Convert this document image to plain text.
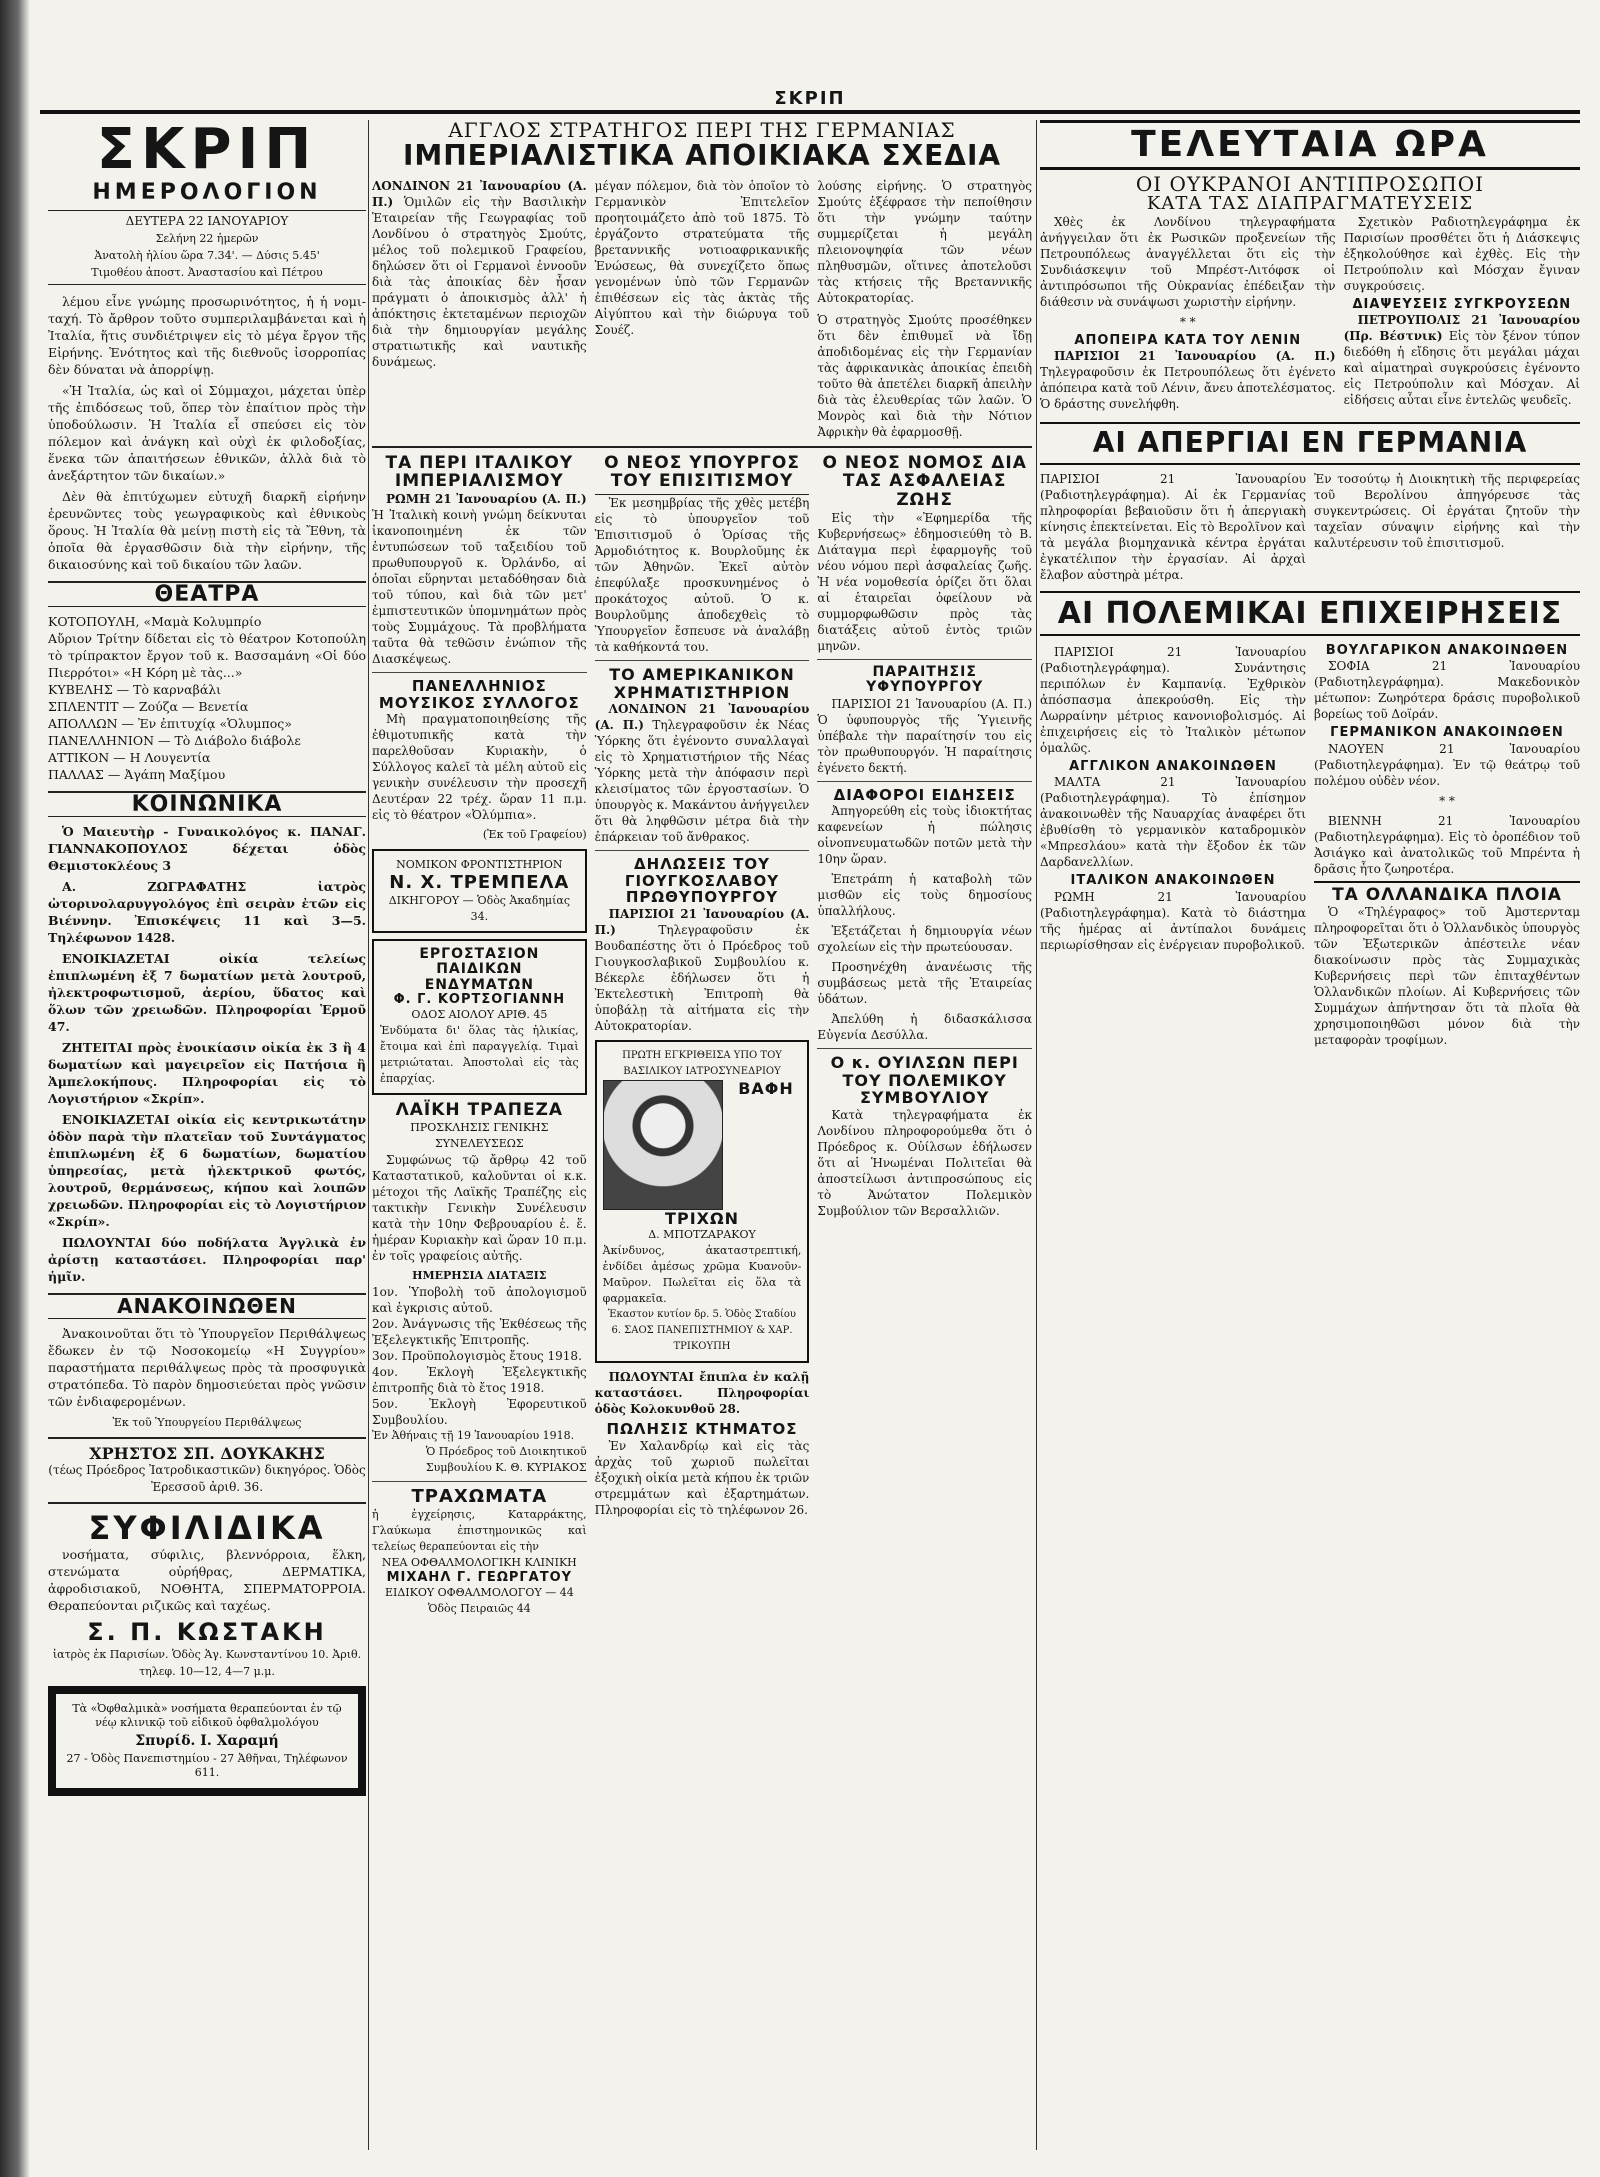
ΣΚΡΙΠ
ΣΚΡΙΠ
ΗΜΕΡΟΛΟΓΙΟΝ
ΔΕΥΤΕΡΑ 22 ΙΑΝΟΥΑΡΙΟΥ
Σελήνη 22 ἡμερῶν
Ἀνατολὴ ἡλίου ὥρα 7.34'. — Δύσις 5.45'
Τιμοθέου ἀποστ. Ἀναστασίου καὶ Πέτρου

λέμου εἶνε γνώμης προσωρινότητος, ἡ ἡ νομι- ταχή. Τὸ ἄρθρον τοῦτο συμπεριλαμβάνεται καὶ ἡ Ἰταλία, ἥτις συνδιέτριψεν εἰς τὸ μέγα ἔργον τῆς Εἰρήνης. Ἑνότητος καὶ τῆς διεθνοῦς ἰσορροπίας δὲν δύναται νὰ ἀπορρίψῃ.

«Ἡ Ἰταλία, ὡς καὶ οἱ Σύμμαχοι, μάχεται ὑπὲρ τῆς ἐπιδόσεως τοῦ, ὅπερ τὸν ἐπαίτιον πρὸς τὴν ὑποδούλωσιν. Ἡ Ἰταλία εἶ σπεύσει εἰς τὸν πόλεμον καὶ ἀνάγκη καὶ οὐχὶ ἐκ φιλοδοξίας, ἕνεκα τῶν ἀπαιτήσεων ἐθνικῶν, ἀλλὰ διὰ τὸ ἀνεξάρτητον τῶν δικαίων.»

Δὲν θὰ ἐπιτύχωμεν εὐτυχῆ διαρκῆ εἰρήνην ἐρευνῶντες τοὺς γεωγραφικοὺς καὶ ἐθνικοὺς ὅρους. Ἡ Ἰταλία θὰ μείνῃ πιστὴ εἰς τὰ Ἔθνη, τὰ ὁποῖα θὰ ἐργασθῶσιν διὰ τὴν εἰρήνην, τῆς δικαιοσύνης καὶ τοῦ δικαίου τῶν λαῶν.

ΘΕΑΤΡΑ
ΚΟΤΟΠΟΥΛΗ, «Μαμὰ Κολυμπρίο
Αὔριον Τρίτην δίδεται εἰς τὸ θέατρον Κοτοπούλη τὸ τρίπρακτον ἔργον τοῦ κ. Βασσαμάνη «Οἱ δύο Πιερρότοι» «Η Κόρη μὲ τὰς...»
ΚΥΒΕΛΗΣ — Τὸ καρναβάλι
ΣΠΛΕΝΤΙΤ — Ζούζα — Βενετία
ΑΠΟΛΛΩΝ — Ἐν ἐπιτυχίᾳ «Ὁλυμπος»
ΠΑΝΕΛΛΗΝΙΟΝ — Τὸ Διάβολο διάβολε
ΑΤΤΙΚΟΝ — Η Λουγεντία
ΠΑΛΛΑΣ — Ἀγάπη Μαξίμου
ΚΟΙΝΩΝΙΚΑ

Ὁ Μαιευτὴρ - Γυναικολόγος κ. ΠΑΝΑΓ. ΓΙΑΝΝΑΚΟΠΟΥΛΟΣ δέχεται ὁδὸς Θεμιστοκλέους 3

Α. ΖΩΓΡΑΦΑΤΗΣ ἰατρὸς ὠτορινολαρυγγολόγος ἐπὶ σειρὰν ἐτῶν εἰς Βιέννην. Ἐπισκέψεις 11 καὶ 3—5. Τηλέφωνον 1428.

ΕΝΟΙΚΙΑΖΕΤΑΙ οἰκία τελείως ἐπιπλωμένη ἐξ 7 δωματίων μετὰ λουτροῦ, ἠλεκτροφωτισμοῦ, ἀερίου, ὕδατος καὶ ὅλων τῶν χρειωδῶν. Πληροφορίαι Ἑρμοῦ 47.

ΖΗΤΕΙΤΑΙ πρὸς ἐνοικίασιν οἰκία ἐκ 3 ἢ 4 δωματίων καὶ μαγειρεῖον εἰς Πατήσια ἢ Ἀμπελοκήπους. Πληροφορίαι εἰς τὸ Λογιστήριον «Σκρίπ».

ΕΝΟΙΚΙΑΖΕΤΑΙ οἰκία εἰς κεντρικωτάτην ὁδὸν παρὰ τὴν πλατεῖαν τοῦ Συντάγματος ἐπιπλωμένη ἐξ 6 δωματίων, δωματίου ὑπηρεσίας, μετὰ ἠλεκτρικοῦ φωτός, λουτροῦ, θερμάνσεως, κήπου καὶ λοιπῶν χρειωδῶν. Πληροφορίαι εἰς τὸ Λογιστήριον «Σκρίπ».

ΠΩΛΟΥΝΤΑΙ δύο ποδήλατα Ἀγγλικὰ ἐν ἀρίστῃ καταστάσει. Πληροφορίαι παρ' ἡμῖν.

ΑΝΑΚΟΙΝΩΘΕΝ

Ἀνακοινοῦται ὅτι τὸ Ὑπουργεῖον Περιθάλψεως ἔδωκεν ἐν τῷ Νοσοκομείῳ «Η Συγγρίου» παραστήματα περιθάλψεως πρὸς τὰ προσφυγικὰ στρατόπεδα. Τὸ παρὸν δημοσιεύεται πρὸς γνῶσιν τῶν ἐνδιαφερομένων.

Ἐκ τοῦ Ὑπουργείου Περιθάλψεως
ΧΡΗΣΤΟΣ ΣΠ. ΔΟΥΚΑΚΗΣ
(τέως Πρόεδρος Ἰατροδικαστικῶν) δικηγόρος. Ὁδὸς Ἐρεσσοῦ ἀριθ. 36.
ΣΥΦΙΛΙΔΙΚΑ

νοσήματα, σύφιλις, βλεννόρροια, ἕλκη, στενώματα οὐρήθρας, ΔΕΡΜΑΤΙΚΑ, ἀφροδισιακοῦ, ΝΟΘΗΤΑ, ΣΠΕΡΜΑΤΟΡΡΟΙΑ. Θεραπεύονται ριζικῶς καὶ ταχέως.

Σ. Π. ΚΩΣΤΑΚΗ
ἰατρὸς ἐκ Παρισίων. Ὁδὸς Ἁγ. Κωνσταντίνου 10. Ἀριθ. τηλεφ. 10—12, 4—7 μ.μ.
Τὰ «Ὀφθαλμικὰ» νοσήματα θεραπεύονται ἐν τῷ νέῳ κλινικῷ τοῦ εἰδικοῦ ὀφθαλμολόγου
Σπυρίδ. Ι. Χαραμή
27 - Ὁδὸς Πανεπιστημίου - 27 Ἀθῆναι, Τηλέφωνον 611.
ΑΓΓΛΟΣ ΣΤΡΑΤΗΓΟΣ ΠΕΡΙ ΤΗΣ ΓΕΡΜΑΝΙΑΣ
ΙΜΠΕΡΙΑΛΙΣΤΙΚΑ ΑΠΟΙΚΙΑΚΑ ΣΧΕΔΙΑ
ΛΟΝΔΙΝΟΝ 21 Ἰανουαρίου (Α. Π.) Ὁμιλῶν εἰς τὴν Βασιλικὴν Ἑταιρείαν τῆς Γεωγραφίας τοῦ Λονδίνου ὁ στρατηγὸς Σμούτς, μέλος τοῦ πολεμικοῦ Γραφείου, δηλώσεν ὅτι οἱ Γερμανοὶ ἐννοοῦν διὰ τὰς ἀποικίας δὲν ἦσαν πράγματι ὁ ἀποικισμὸς ἀλλ' ἡ ἀπόκτησις ἐκτεταμένων περιοχῶν διὰ τὴν δημιουργίαν μεγάλης στρατιωτικῆς καὶ ναυτικῆς δυνάμεως.
μέγαν πόλεμον, διὰ τὸν ὁποῖον τὸ Γερμανικὸν Ἐπιτελεῖον προητοιμάζετο ἀπὸ τοῦ 1875. Τὸ ἐργάζοντο στρατεύματα τῆς βρεταννικῆς νοτιοαφρικανικῆς Ἑνώσεως, θὰ συνεχίζετο ὅπως γενομένων ὑπὸ τῶν Γερμανῶν ἐπιθέσεων εἰς τὰς ἀκτὰς τῆς Αἰγύπτου καὶ τὴν διώρυγα τοῦ Σουέζ.
λούσης εἰρήνης. Ὁ στρατηγὸς Σμούτς ἐξέφρασε τὴν πεποίθησιν ὅτι τὴν γνώμην ταύτην συμμερίζεται ἡ μεγάλη πλειονοψηφία τῶν νέων πληθυσμῶν, οἵτινες ἀποτελοῦσι τὰς κτήσεις τῆς Βρεταννικῆς Αὐτοκρατορίας.
Ὁ στρατηγὸς Σμούτς προσέθηκεν ὅτι δὲν ἐπιθυμεῖ νὰ ἴδῃ ἀποδιδομένας εἰς τὴν Γερμανίαν τὰς ἀφρικανικὰς ἀποικίας ἐπειδὴ τοῦτο θὰ ἀπετέλει διαρκῆ ἀπειλὴν διὰ τὰς ἐλευθερίας τῶν λαῶν. Ὁ Μονρὸς καὶ διὰ τὴν Νότιον Ἀφρικὴν θὰ ἐφαρμοσθῇ.
ΤΑ ΠΕΡΙ ΙΤΑΛΙΚΟΥ ΙΜΠΕΡΙΑΛΙΣΜΟΥ

ΡΩΜΗ 21 Ἰανουαρίου (Α. Π.) Ἡ Ἰταλικὴ κοινὴ γνώμη δείκνυται ἱκανοποιημένη ἐκ τῶν ἐντυπώσεων τοῦ ταξειδίου τοῦ πρωθυπουργοῦ κ. Ὀρλάνδο, αἱ ὁποῖαι εὕρηνται μεταδόθησαν διὰ τοῦ τύπου, καὶ διὰ τῶν μετ' ἐμπιστευτικῶν ὑπομνημάτων πρὸς τοὺς Συμμάχους. Τὰ προβλήματα ταῦτα θὰ τεθῶσιν ἐνώπιον τῆς Διασκέψεως.

ΠΑΝΕΛΛΗΝΙΟΣ ΜΟΥΣΙΚΟΣ ΣΥΛΛΟΓΟΣ

Μὴ πραγματοποιηθείσης τῆς ἐθιμοτυπικῆς κατὰ τὴν παρελθοῦσαν Κυριακὴν, ὁ Σύλλογος καλεῖ τὰ μέλη αὐτοῦ εἰς γενικὴν συνέλευσιν τὴν προσεχῆ Δευτέραν 22 τρέχ. ὥραν 11 π.μ. εἰς τὸ θέατρον «Ὀλύμπια».

(Ἐκ τοῦ Γραφείου)
ΝΟΜΙΚΟΝ ΦΡΟΝΤΙΣΤΗΡΙΟΝ
Ν. Χ. ΤΡΕΜΠΕΛΑ
ΔΙΚΗΓΟΡΟΥ — Ὁδὸς Ἀκαδημίας 34.
ΕΡΓΟΣΤΑΣΙΟΝ ΠΑΙΔΙΚΩΝ ΕΝΔΥΜΑΤΩΝ
Φ. Γ. ΚΟΡΤΣΟΓΙΑΝΝΗ
ΟΔΟΣ ΑΙΟΛΟΥ ΑΡΙΘ. 45
Ἐνδύματα δι' ὅλας τὰς ἡλικίας, ἔτοιμα καὶ ἐπὶ παραγγελίᾳ. Τιμαὶ μετριώταται. Ἀποστολαὶ εἰς τὰς ἐπαρχίας.
ΛΑΪΚΗ ΤΡΑΠΕΖΑ
ΠΡΟΣΚΛΗΣΙΣ ΓΕΝΙΚΗΣ ΣΥΝΕΛΕΥΣΕΩΣ

Συμφώνως τῷ ἄρθρῳ 42 τοῦ Καταστατικοῦ, καλοῦνται οἱ κ.κ. μέτοχοι τῆς Λαϊκῆς Τραπέζης εἰς τακτικὴν Γενικὴν Συνέλευσιν κατὰ τὴν 10ην Φεβρουαρίου ἐ. ἔ. ἡμέραν Κυριακὴν καὶ ὥραν 10 π.μ. ἐν τοῖς γραφείοις αὐτῆς.

ΗΜΕΡΗΣΙΑ ΔΙΑΤΑΞΙΣ
1ον. Ὑποβολὴ τοῦ ἀπολογισμοῦ καὶ ἐγκρισις αὐτοῦ.
2ον. Ἀνάγνωσις τῆς Ἐκθέσεως τῆς Ἐξελεγκτικῆς Ἐπιτροπῆς.
3ον. Προϋπολογισμὸς ἔτους 1918.
4ον. Ἐκλογὴ Ἐξελεγκτικῆς ἐπιτροπῆς διὰ τὸ ἔτος 1918.
5ον. Ἐκλογὴ Ἐφορευτικοῦ Συμβουλίου.
Ἐν Ἀθήναις τῇ 19 Ἰανουαρίου 1918.
Ὁ Πρόεδρος τοῦ Διοικητικοῦ Συμβουλίου Κ. Θ. ΚΥΡΙΑΚΟΣ
ΤΡΑΧΩΜΑΤΑ
ἡ ἐγχείρησις, Καταρράκτης, Γλαύκωμα ἐπιστημονικῶς καὶ τελείως θεραπεύονται εἰς τὴν
ΝΕΑ ΟΦΘΑΛΜΟΛΟΓΙΚΗ ΚΛΙΝΙΚΗ
ΜΙΧΑΗΛ Γ. ΓΕΩΡΓΑΤΟΥ
ΕΙΔΙΚΟΥ ΟΦΘΑΛΜΟΛΟΓΟΥ — 44 Ὁδὸς Πειραιῶς 44
Ο ΝΕΟΣ ΥΠΟΥΡΓΟΣ ΤΟΥ ΕΠΙΣΙΤΙΣΜΟΥ

Ἐκ μεσημβρίας τῆς χθὲς μετέβη εἰς τὸ ὑπουργεῖον τοῦ Ἐπισιτισμοῦ ὁ Ὁρίσας τῆς Ἀρμοδιότητος κ. Βουρλοῦμης ἐκ τῶν Ἀθηνῶν. Ἐκεῖ αὐτὸν ἐπεφύλαξε προσκυνημένος ὁ προκάτοχος αὐτοῦ. Ὁ κ. Βουρλοῦμης ἀποδεχθεὶς τὸ Ὑπουργεῖον ἔσπευσε νὰ ἀναλάβῃ τὰ καθήκοντά του.

ΤΟ ΑΜΕΡΙΚΑΝΙΚΟΝ ΧΡΗΜΑΤΙΣΤΗΡΙΟΝ

ΛΟΝΔΙΝΟΝ 21 Ἰανουαρίου (Α. Π.) Τηλεγραφοῦσιν ἐκ Νέας Ὑόρκης ὅτι ἐγένοντο συναλλαγαὶ εἰς τὸ Χρηματιστήριον τῆς Νέας Ὑόρκης μετὰ τὴν ἀπόφασιν περὶ κλεισίματος τῶν ἐργοστασίων. Ὁ ὑπουργὸς κ. Μακάντου ἀνήγγειλεν ὅτι θὰ ληφθῶσιν μέτρα διὰ τὴν ἐπάρκειαν τοῦ ἄνθρακος.

ΔΗΛΩΣΕΙΣ ΤΟΥ ΓΙΟΥΓΚΟΣΛΑΒΟΥ ΠΡΩΘΥΠΟΥΡΓΟΥ

ΠΑΡΙΣΙΟΙ 21 Ἰανουαρίου (Α. Π.)	Τηλεγραφοῦσιν ἐκ Βουδαπέστης ὅτι ὁ Πρόεδρος τοῦ Γιουγκοσλαβικοῦ Συμβουλίου κ. Βέκερλε ἐδήλωσεν ὅτι ἡ Ἐκτελεστικὴ Ἐπιτροπὴ θὰ ὑποβάλῃ τὰ αἰτήματα εἰς τὴν Αὐτοκρατορίαν.

ΠΡΩΤΗ ΕΓΚΡΙΘΕΙΣΑ ΥΠΟ ΤΟΥ ΒΑΣΙΛΙΚΟΥ ΙΑΤΡΟΣΥΝΕΔΡΙΟΥ
ΒΑΦΗ ΤΡΙΧΩΝ
Δ. ΜΠΟΤΖΑΡΑΚΟΥ
Ἀκίνδυνος, ἀκαταστρεπτική, ἐνδίδει ἀμέσως χρῶμα Κυανοῦν-Μαῦρον. Πωλεῖται εἰς ὅλα τὰ φαρμακεῖα.
Ἐκαστον κυτίον δρ. 5. Ὁδὸς Σταδίου 6. ΣΑΟΣ ΠΑΝΕΠΙΣΤΗΜΙΟΥ & ΧΑΡ. ΤΡΙΚΟΥΠΗ

ΠΩΛΟΥΝΤΑΙ ἔπιπλα ἐν καλῇ καταστάσει. Πληροφορίαι ὁδὸς Κολοκυνθοῦ 28.

ΠΩΛΗΣΙΣ ΚΤΗΜΑΤΟΣ

Ἐν Χαλανδρίῳ καὶ εἰς τὰς ἀρχὰς τοῦ χωριοῦ πωλεῖται ἐξοχικὴ οἰκία μετὰ κήπου ἐκ τριῶν στρεμμάτων καὶ ἐξαρτημάτων. Πληροφορίαι εἰς τὸ τηλέφωνον 26.

Ο ΝΕΟΣ ΝΟΜΟΣ ΔΙΑ ΤΑΣ ΑΣΦΑΛΕΙΑΣ ΖΩΗΣ

Εἰς τὴν «Ἐφημερίδα τῆς Κυβερνήσεως» ἐδημοσιεύθη τὸ Β. Διάταγμα περὶ ἐφαρμογῆς τοῦ νέου νόμου περὶ ἀσφαλείας ζωῆς. Ἡ νέα νομοθεσία ὁρίζει ὅτι ὅλαι αἱ ἑταιρεῖαι ὀφείλουν νὰ συμμορφωθῶσιν πρὸς τὰς διατάξεις αὐτοῦ ἐντὸς τριῶν μηνῶν.

ΠΑΡΑΙΤΗΣΙΣ ΥΦΥΠΟΥΡΓΟΥ

ΠΑΡΙΣΙΟΙ 21 Ἰανουαρίου (Α. Π.) Ὁ ὑφυπουργὸς τῆς Ὑγιεινῆς ὑπέβαλε τὴν παραίτησίν του εἰς τὸν πρωθυπουργόν. Ἡ παραίτησις ἐγένετο δεκτή.

ΔΙΑΦΟΡΟΙ ΕΙΔΗΣΕΙΣ

Ἀπηγορεύθη εἰς τοὺς ἰδιοκτήτας καφενείων ἡ πώλησις οἰνοπνευματωδῶν ποτῶν μετὰ τὴν 10ην ὥραν.

Ἐπετράπη ἡ καταβολὴ τῶν μισθῶν εἰς τοὺς δημοσίους ὑπαλλήλους.

Ἐξετάζεται ἡ δημιουργία νέων σχολείων εἰς τὴν πρωτεύουσαν.

Προσηνέχθη ἀνανέωσις τῆς συμβάσεως μετὰ τῆς Ἑταιρείας ὑδάτων.

Ἀπελύθη ἡ διδασκάλισσα Εὐγενία Δεσύλλα.

Ο κ. ΟΥΙΛΣΩΝ ΠΕΡΙ ΤΟΥ ΠΟΛΕΜΙΚΟΥ ΣΥΜΒΟΥΛΙΟΥ

Κατὰ τηλεγραφήματα ἐκ Λονδίνου πληροφορούμεθα ὅτι ὁ Πρόεδρος κ. Οὐίλσων ἐδήλωσεν ὅτι αἱ Ἡνωμέναι Πολιτεῖαι θὰ ἀποστείλωσι ἀντιπροσώπους εἰς τὸ Ἀνώτατον Πολεμικὸν Συμβούλιον τῶν Βερσαλλιῶν.

ΤΕΛΕΥΤΑΙΑ ΩΡΑ
ΟΙ ΟΥΚΡΑΝΟΙ ΑΝΤΙΠΡΟΣΩΠΟΙ
ΚΑΤΑ ΤΑΣ ΔΙΑΠΡΑΓΜΑΤΕΥΣΕΙΣ

Χθὲς ἐκ Λονδίνου τηλεγραφήματα ἀνήγγειλαν ὅτι ἐκ Ρωσικῶν προξενείων τῆς Πετρουπόλεως ἀναγγέλλεται ὅτι εἰς τὴν Συνδιάσκεψιν τοῦ Μπρέστ-Λιτόφσκ οἱ ἀντιπρόσωποι τῆς Οὐκρανίας ἐπέδειξαν τὴν διάθεσιν νὰ συνάψωσι χωριστὴν εἰρήνην.

* *
ΑΠΟΠΕΙΡΑ ΚΑΤΑ ΤΟΥ ΛΕΝΙΝ

ΠΑΡΙΣΙΟΙ 21 Ἰανουαρίου (Α. Π.) Τηλεγραφοῦσιν ἐκ Πετρουπόλεως ὅτι ἐγένετο ἀπόπειρα κατὰ τοῦ Λένιν, ἄνευ ἀποτελέσματος. Ὁ δράστης συνελήφθη.

Σχετικὸν Ραδιοτηλεγράφημα ἐκ Παρισίων προσθέτει ὅτι ἡ Διάσκεψις ἐξηκολούθησε καὶ ἐχθὲς. Εἰς τὴν Πετρούπολιν καὶ Μόσχαν ἔγιναν συγκρούσεις.

ΔΙΑΨΕΥΣΕΙΣ ΣΥΓΚΡΟΥΣΕΩΝ

ΠΕΤΡΟΥΠΟΛΙΣ 21 Ἰανουαρίου (Πρ. Βέστνικ) Εἰς τὸν ξένον τύπον διεδόθη ἡ εἴδησις ὅτι μεγάλαι μάχαι καὶ αἱματηραὶ συγκρούσεις ἐγένοντο εἰς Πετρούπολιν καὶ Μόσχαν. Αἱ εἰδήσεις αὗται εἶνε ἐντελῶς ψευδεῖς.

ΑΙ ΑΠΕΡΓΙΑΙ ΕΝ ΓΕΡΜΑΝΙΑ
ΠΑΡΙΣΙΟΙ 21 Ἰανουαρίου (Ραδιοτηλεγράφημα). Αἱ ἐκ Γερμανίας πληροφορίαι βεβαιοῦσιν ὅτι ἡ ἀπεργιακὴ κίνησις ἐπεκτείνεται. Εἰς τὸ Βερολῖνον καὶ τὰ μεγάλα βιομηχανικὰ κέντρα ἐργάται ἐγκατέλιπον τὴν ἐργασίαν. Αἱ ἀρχαὶ ἔλαβον αὐστηρὰ μέτρα.
Ἐν τοσούτῳ ἡ Διοικητικὴ τῆς περιφερείας τοῦ Βερολίνου ἀπηγόρευσε τὰς συγκεντρώσεις. Οἱ ἐργάται ζητοῦν τὴν ταχεῖαν σύναψιν εἰρήνης καὶ τὴν καλυτέρευσιν τοῦ ἐπισιτισμοῦ.
ΑΙ ΠΟΛΕΜΙΚΑΙ ΕΠΙΧΕΙΡΗΣΕΙΣ

ΠΑΡΙΣΙΟΙ 21 Ἰανουαρίου (Ραδιοτηλεγράφημα). Συνάντησις περιπόλων ἐν Καμπανίᾳ. Ἐχθρικὸν ἀπόσπασμα ἀπεκρούσθη. Εἰς τὴν Λωρραίνην μέτριος κανονιοβολισμός. Αἱ ἐπιχειρήσεις εἰς τὸ Ἰταλικὸν μέτωπον ὁμαλῶς.

ΑΓΓΛΙΚΟΝ ΑΝΑΚΟΙΝΩΘΕΝ

ΜΑΛΤΑ 21 Ἰανουαρίου (Ραδιοτηλεγράφημα). Τὸ ἐπίσημον ἀνακοινωθὲν τῆς Ναυαρχίας ἀναφέρει ὅτι ἐβυθίσθη τὸ γερμανικὸν καταδρομικὸν «Μπρεσλάου» κατὰ τὴν ἔξοδον ἐκ τῶν Δαρδανελλίων.

ΙΤΑΛΙΚΟΝ ΑΝΑΚΟΙΝΩΘΕΝ

ΡΩΜΗ 21 Ἰανουαρίου (Ραδιοτηλεγράφημα). Κατὰ τὸ διάστημα τῆς ἡμέρας αἱ ἀντίπαλοι δυνάμεις περιωρίσθησαν εἰς ἐνέργειαν πυροβολικοῦ.

ΒΟΥΛΓΑΡΙΚΟΝ ΑΝΑΚΟΙΝΩΘΕΝ

ΣΟΦΙΑ 21 Ἰανουαρίου (Ραδιοτηλεγράφημα). Μακεδονικὸν μέτωπον: Ζωηρότερα δράσις πυροβολικοῦ βορείως τοῦ Δοϊράν.

ΓΕΡΜΑΝΙΚΟΝ ΑΝΑΚΟΙΝΩΘΕΝ

ΝΑΟΥΕΝ 21 Ἰανουαρίου (Ραδιοτηλεγράφημα). Ἐν τῷ θεάτρῳ τοῦ πολέμου οὐδὲν νέον.

* *

ΒΙΕΝΝΗ 21 Ἰανουαρίου (Ραδιοτηλεγράφημα). Εἰς τὸ ὀροπέδιον τοῦ Ἀσιάγκο καὶ ἀνατολικῶς τοῦ Μπρέντα ἡ δρᾶσις ἦτο ζωηροτέρα.

ΤΑ ΟΛΛΑΝΔΙΚΑ ΠΛΟΙΑ

Ὁ «Τηλέγραφος» τοῦ Ἀμστερνταμ πληροφορεῖται ὅτι ὁ Ὁλλανδικὸς ὑπουργὸς τῶν Ἐξωτερικῶν ἀπέστειλε νέαν διακοίνωσιν πρὸς τὰς Συμμαχικὰς Κυβερνήσεις περὶ τῶν ἐπιταχθέντων Ὁλλανδικῶν πλοίων. Αἱ Κυβερνήσεις τῶν Συμμάχων ἀπήντησαν ὅτι τὰ πλοῖα θὰ χρησιμοποιηθῶσι μόνον διὰ τὴν μεταφορὰν τροφίμων.
